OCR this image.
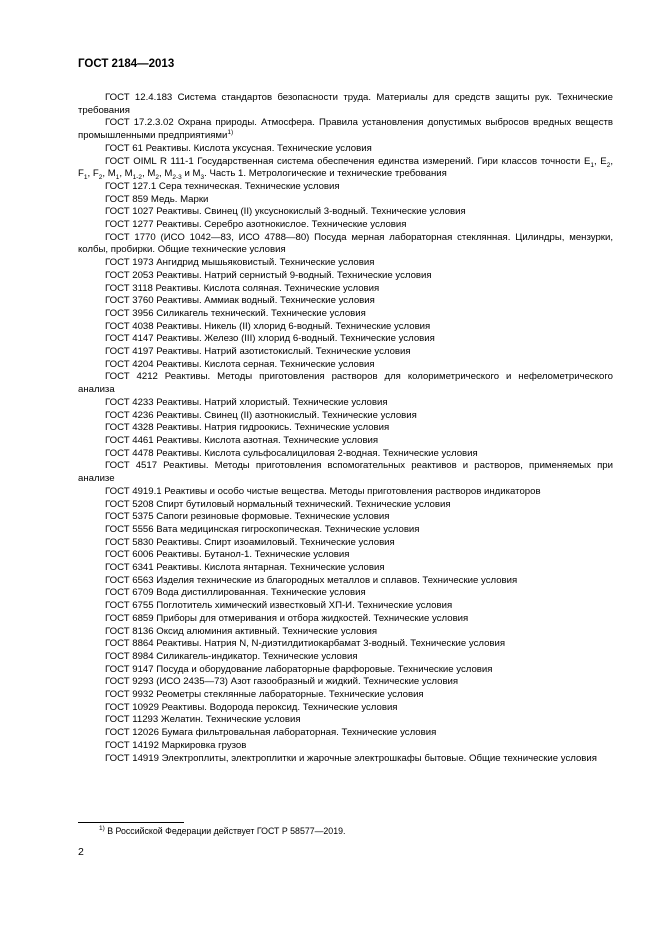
ГОСТ 2184—2013

ГОСТ 12.4.183 Система стандартов безопасности труда. Материалы для средств защиты рук. Технические требования

ГОСТ 17.2.3.02 Охрана природы. Атмосфера. Правила установления допустимых выбросов вредных веществ промышленными предприятиями$^{1)}$

ГОСТ 61 Реактивы. Кислота уксусная. Технические условия

ГОСТ OIML R 111-1 Государственная система обеспечения единства измерений. Гири классов точности $E_1$, $E_2$, $F_1$, $F_2$, $M_1$, $M_{1-2}$, $M_2$, $M_{2-3}$ и $M_3$. Часть 1. Метрологические и технические требования

ГОСТ 127.1 Сера техническая. Технические условия

ГОСТ 859 Медь. Марки

ГОСТ 1027 Реактивы. Свинец (II) уксуснокислый 3-водный. Технические условия

ГОСТ 1277 Реактивы. Серебро азотнокислое. Технические условия

ГОСТ 1770 (ИСО 1042—83, ИСО 4788—80) Посуда мерная лабораторная стеклянная. Цилиндры, мензурки, колбы, пробирки. Общие технические условия

ГОСТ 1973 Ангидрид мышьяковистый. Технические условия

ГОСТ 2053 Реактивы. Натрий сернистый 9-водный. Технические условия

ГОСТ 3118 Реактивы. Кислота соляная. Технические условия

ГОСТ 3760 Реактивы. Аммиак водный. Технические условия

ГОСТ 3956 Силикагель технический. Технические условия

ГОСТ 4038 Реактивы. Никель (II) хлорид 6-водный. Технические условия

ГОСТ 4147 Реактивы. Железо (III) хлорид 6-водный. Технические условия

ГОСТ 4197 Реактивы. Натрий азотистокислый. Технические условия

ГОСТ 4204 Реактивы. Кислота серная. Технические условия

ГОСТ 4212 Реактивы. Методы приготовления растворов для колориметрического и нефелометрического анализа

ГОСТ 4233 Реактивы. Натрий хлористый. Технические условия

ГОСТ 4236 Реактивы. Свинец (II) азотнокислый. Технические условия

ГОСТ 4328 Реактивы. Натрия гидроокись. Технические условия

ГОСТ 4461 Реактивы. Кислота азотная. Технические условия

ГОСТ 4478 Реактивы. Кислота сульфосалициловая 2-водная. Технические условия

ГОСТ 4517 Реактивы. Методы приготовления вспомогательных реактивов и растворов, применяемых при анализе

ГОСТ 4919.1 Реактивы и особо чистые вещества. Методы приготовления растворов индикаторов

ГОСТ 5208 Спирт бутиловый нормальный технический. Технические условия

ГОСТ 5375 Сапоги резиновые формовые. Технические условия

ГОСТ 5556 Вата медицинская гигроскопическая. Технические условия

ГОСТ 5830 Реактивы. Спирт изоамиловый. Технические условия

ГОСТ 6006 Реактивы. Бутанол-1. Технические условия

ГОСТ 6341 Реактивы. Кислота янтарная. Технические условия

ГОСТ 6563 Изделия технические из благородных металлов и сплавов. Технические условия

ГОСТ 6709 Вода дистиллированная. Технические условия

ГОСТ 6755 Поглотитель химический известковый ХП-И. Технические условия

ГОСТ 6859 Приборы для отмеривания и отбора жидкостей. Технические условия

ГОСТ 8136 Оксид алюминия активный. Технические условия

ГОСТ 8864 Реактивы. Натрия N, N-диэтилдитиокарбамат 3-водный. Технические условия

ГОСТ 8984 Силикагель-индикатор. Технические условия

ГОСТ 9147 Посуда и оборудование лабораторные фарфоровые. Технические условия

ГОСТ 9293 (ИСО 2435—73) Азот газообразный и жидкий. Технические условия

ГОСТ 9932 Реометры стеклянные лабораторные. Технические условия

ГОСТ 10929 Реактивы. Водорода пероксид. Технические условия

ГОСТ 11293 Желатин. Технические условия

ГОСТ 12026 Бумага фильтровальная лабораторная. Технические условия

ГОСТ 14192 Маркировка грузов

ГОСТ 14919 Электроплиты, электроплитки и жарочные электрошкафы бытовые. Общие технические условия

$^{1)}$ В Российской Федерации действует ГОСТ Р 58577—2019.
2
